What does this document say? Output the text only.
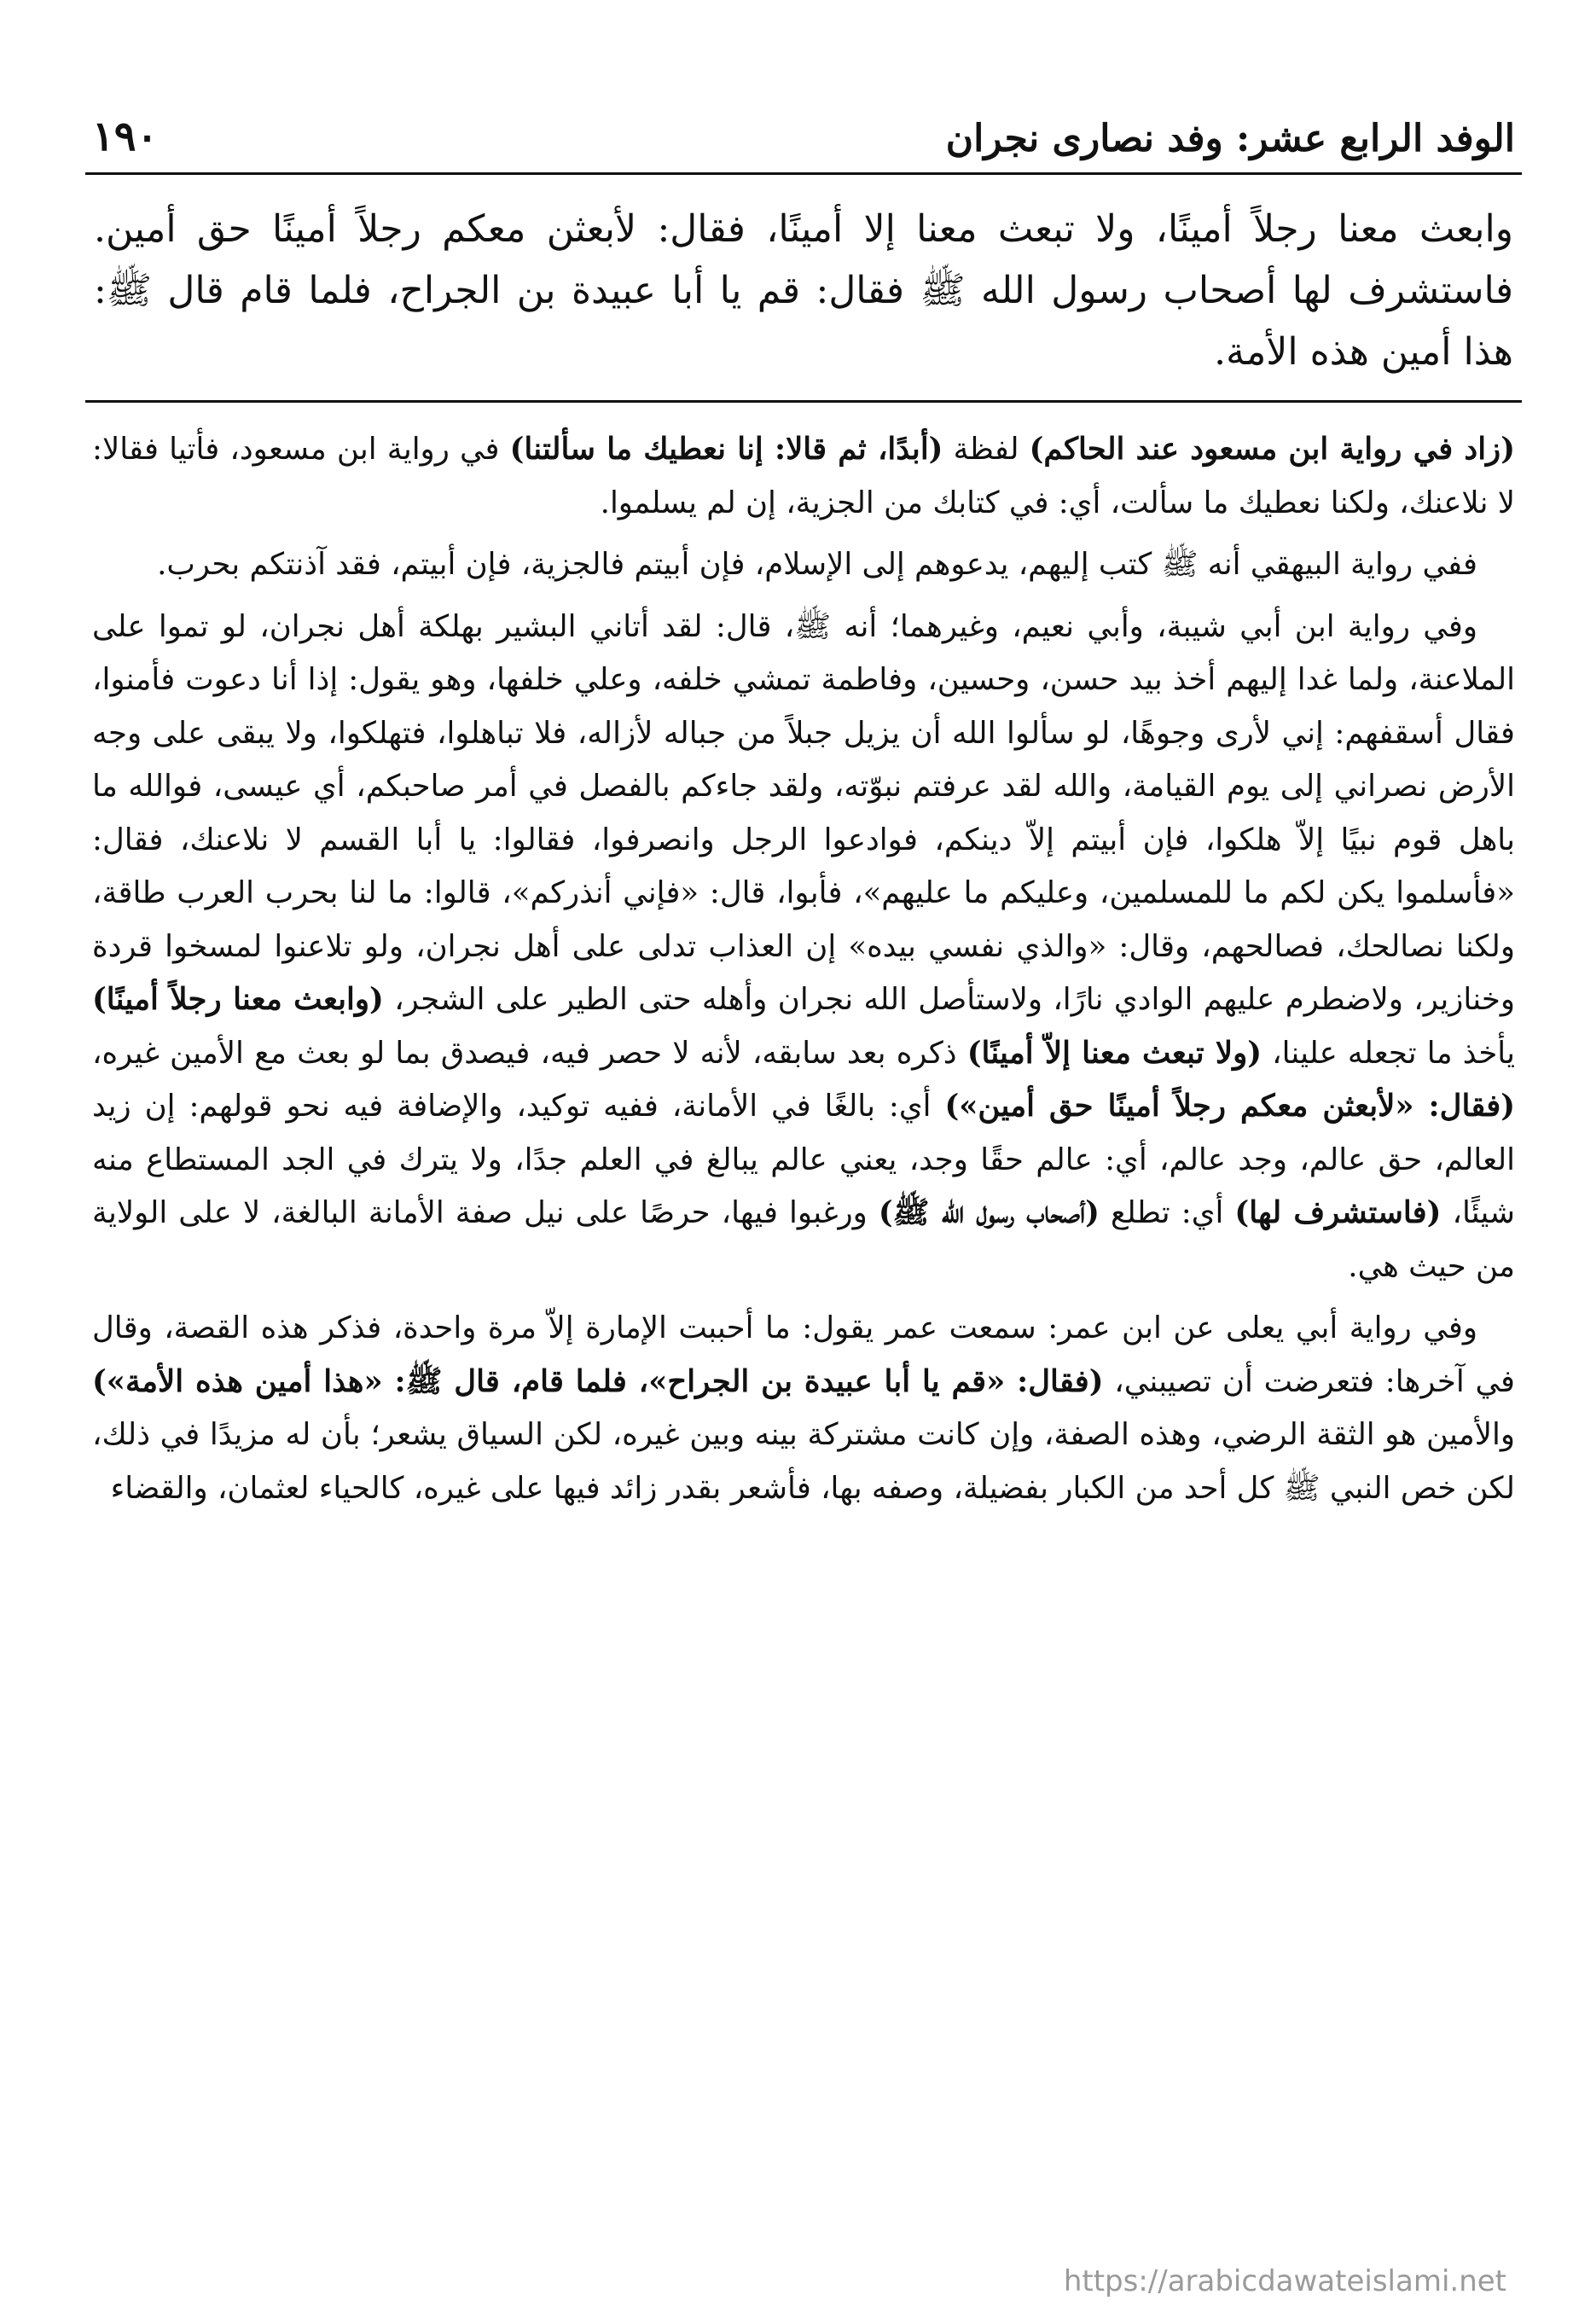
الوفد الرابع عشر: وفد نصارى نجران
١٩٠
وابعث معنا رجلاً أمينًا، ولا تبعث معنا إلا أمينًا، فقال: لأبعثن معكم رجلاً أمينًا حق أمين. فاستشرف لها أصحاب رسول الله ﷺ فقال: قم يا أبا عبيدة بن الجراح، فلما قام قال ﷺ: هذا أمين هذه الأمة.

(زاد في رواية ابن مسعود عند الحاكم) لفظة (أبدًا، ثم قالا: إنا نعطيك ما سألتنا) في رواية ابن مسعود، فأتيا فقالا: لا نلاعنك، ولكنا نعطيك ما سألت، أي: في كتابك من الجزية، إن لم يسلموا.

ففي رواية البيهقي أنه ﷺ كتب إليهم، يدعوهم إلى الإسلام، فإن أبيتم فالجزية، فإن أبيتم، فقد آذنتكم بحرب.

وفي رواية ابن أبي شيبة، وأبي نعيم، وغيرهما؛ أنه ﷺ، قال: لقد أتاني البشير بهلكة أهل نجران، لو تموا على الملاعنة، ولما غدا إليهم أخذ بيد حسن، وحسين، وفاطمة تمشي خلفه، وعلي خلفها، وهو يقول: إذا أنا دعوت فأمنوا، فقال أسقفهم: إني لأرى وجوهًا، لو سألوا الله أن يزيل جبلاً من جباله لأزاله، فلا تباهلوا، فتهلكوا، ولا يبقى على وجه الأرض نصراني إلى يوم القيامة، والله لقد عرفتم نبوّته، ولقد جاءكم بالفصل في أمر صاحبكم، أي عيسى، فوالله ما باهل قوم نبيًا إلاّ هلكوا، فإن أبيتم إلاّ دينكم، فوادعوا الرجل وانصرفوا، فقالوا: يا أبا القسم لا نلاعنك، فقال: «فأسلموا يكن لكم ما للمسلمين، وعليكم ما عليهم»، فأبوا، قال: «فإني أنذركم»، قالوا: ما لنا بحرب العرب طاقة، ولكنا نصالحك، فصالحهم، وقال: «والذي نفسي بيده» إن العذاب تدلى على أهل نجران، ولو تلاعنوا لمسخوا قردة وخنازير، ولاضطرم عليهم الوادي نارًا، ولاستأصل الله نجران وأهله حتى الطير على الشجر، (وابعث معنا رجلاً أمينًا) يأخذ ما تجعله علينا، (ولا تبعث معنا إلاّ أمينًا) ذكره بعد سابقه، لأنه لا حصر فيه، فيصدق بما لو بعث مع الأمين غيره، (فقال: «لأبعثن معكم رجلاً أمينًا حق أمين») أي: بالغًا في الأمانة، ففيه توكيد، والإضافة فيه نحو قولهم: إن زيد العالم، حق عالم، وجد عالم، أي: عالم حقًا وجد، يعني عالم يبالغ في العلم جدًا، ولا يترك في الجد المستطاع منه شيئًا، (فاستشرف لها) أي: تطلع (أصحاب رسول الله ﷺ) ورغبوا فيها، حرصًا على نيل صفة الأمانة البالغة، لا على الولاية من حيث هي.

وفي رواية أبي يعلى عن ابن عمر: سمعت عمر يقول: ما أحببت الإمارة إلاّ مرة واحدة، فذكر هذه القصة، وقال في آخرها: فتعرضت أن تصيبني، (فقال: «قم يا أبا عبيدة بن الجراح»، فلما قام، قال ﷺ: «هذا أمين هذه الأمة») والأمين هو الثقة الرضي، وهذه الصفة، وإن كانت مشتركة بينه وبين غيره، لكن السياق يشعر؛ بأن له مزيدًا في ذلك، لكن خص النبي ﷺ كل أحد من الكبار بفضيلة، وصفه بها، فأشعر بقدر زائد فيها على غيره، كالحياء لعثمان، والقضاء

https://arabicdawateislami.net
